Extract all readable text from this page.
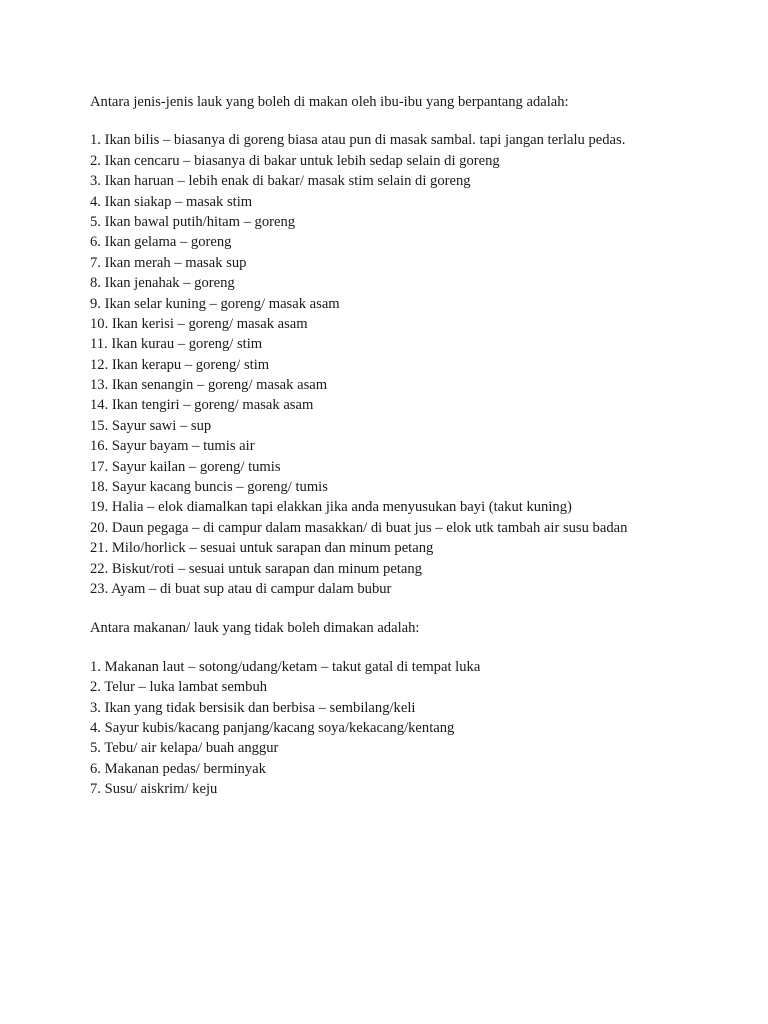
Antara jenis-jenis lauk yang boleh di makan oleh ibu-ibu yang berpantang adalah:

1. Ikan bilis – biasanya di goreng biasa atau pun di masak sambal. tapi jangan terlalu pedas.
2. Ikan cencaru – biasanya di bakar untuk lebih sedap selain di goreng
3. Ikan haruan – lebih enak di bakar/ masak stim selain di goreng
4. Ikan siakap – masak stim
5. Ikan bawal putih/hitam – goreng
6. Ikan gelama – goreng
7. Ikan merah – masak sup
8. Ikan jenahak – goreng
9. Ikan selar kuning – goreng/ masak asam
10. Ikan kerisi – goreng/ masak asam
11. Ikan kurau – goreng/ stim
12. Ikan kerapu – goreng/ stim
13. Ikan senangin – goreng/ masak asam
14. Ikan tengiri – goreng/ masak asam
15. Sayur sawi – sup
16. Sayur bayam – tumis air
17. Sayur kailan – goreng/ tumis
18. Sayur kacang buncis – goreng/ tumis
19. Halia – elok diamalkan tapi elakkan jika anda menyusukan bayi (takut kuning)
20. Daun pegaga – di campur dalam masakkan/ di buat jus – elok utk tambah air susu badan
21. Milo/horlick – sesuai untuk sarapan dan minum petang
22. Biskut/roti – sesuai untuk sarapan dan minum petang
23. Ayam – di buat sup atau di campur dalam bubur

Antara makanan/ lauk yang tidak boleh dimakan adalah:

1. Makanan laut – sotong/udang/ketam – takut gatal di tempat luka
2. Telur – luka lambat sembuh
3. Ikan yang tidak bersisik dan berbisa – sembilang/keli
4. Sayur kubis/kacang panjang/kacang soya/kekacang/kentang
5. Tebu/ air kelapa/ buah anggur
6. Makanan pedas/ berminyak
7. Susu/ aiskrim/ keju
